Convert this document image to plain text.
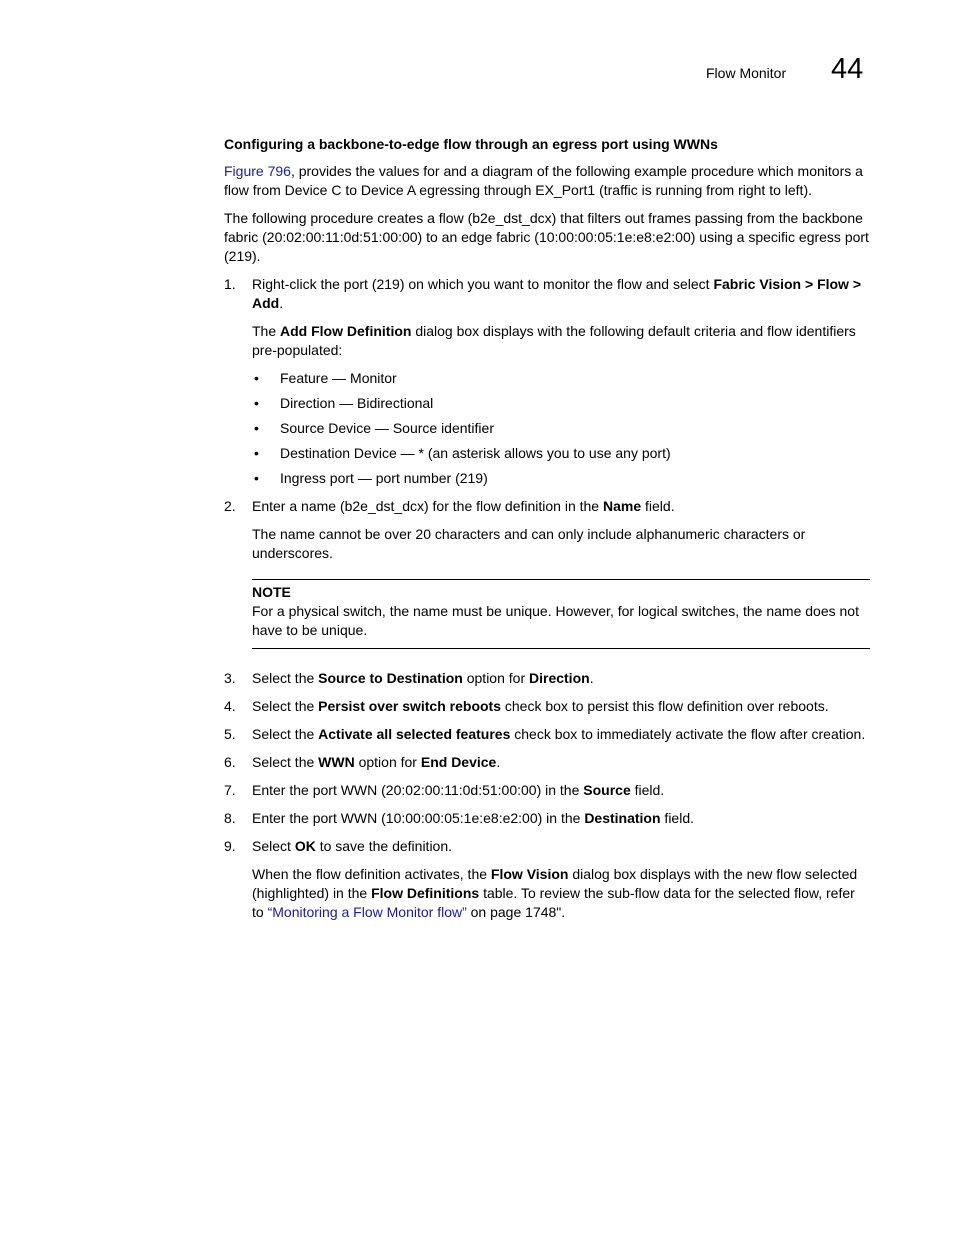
Flow Monitor 44
Configuring a backbone-to-edge flow through an egress port using WWNs

Figure 796, provides the values for and a diagram of the following example procedure which monitors a flow from Device C to Device A egressing through EX_Port1 (traffic is running from right to left).

The following procedure creates a flow (b2e_dst_dcx) that filters out frames passing from the backbone fabric (20:02:00:11:0d:51:00:00) to an edge fabric (10:00:00:05:1e:e8:e2:00) using a specific egress port (219).

1. Right-click the port (219) on which you want to monitor the flow and select Fabric Vision > Flow > Add.

The Add Flow Definition dialog box displays with the following default criteria and flow identifiers pre-populated:

• Feature — Monitor
• Direction — Bidirectional
• Source Device — Source identifier
• Destination Device — * (an asterisk allows you to use any port)
• Ingress port — port number (219)
2. Enter a name (b2e_dst_dcx) for the flow definition in the Name field.

The name cannot be over 20 characters and can only include alphanumeric characters or underscores.

NOTE
For a physical switch, the name must be unique. However, for logical switches, the name does not have to be unique.
3. Select the Source to Destination option for Direction.

4. Select the Persist over switch reboots check box to persist this flow definition over reboots.

5. Select the Activate all selected features check box to immediately activate the flow after creation.

6. Select the WWN option for End Device.

7. Enter the port WWN (20:02:00:11:0d:51:00:00) in the Source field.

8. Enter the port WWN (10:00:00:05:1e:e8:e2:00) in the Destination field.

9. Select OK to save the definition.

When the flow definition activates, the Flow Vision dialog box displays with the new flow selected (highlighted) in the Flow Definitions table. To review the sub-flow data for the selected flow, refer to “Monitoring a Flow Monitor flow” on page 1748".
